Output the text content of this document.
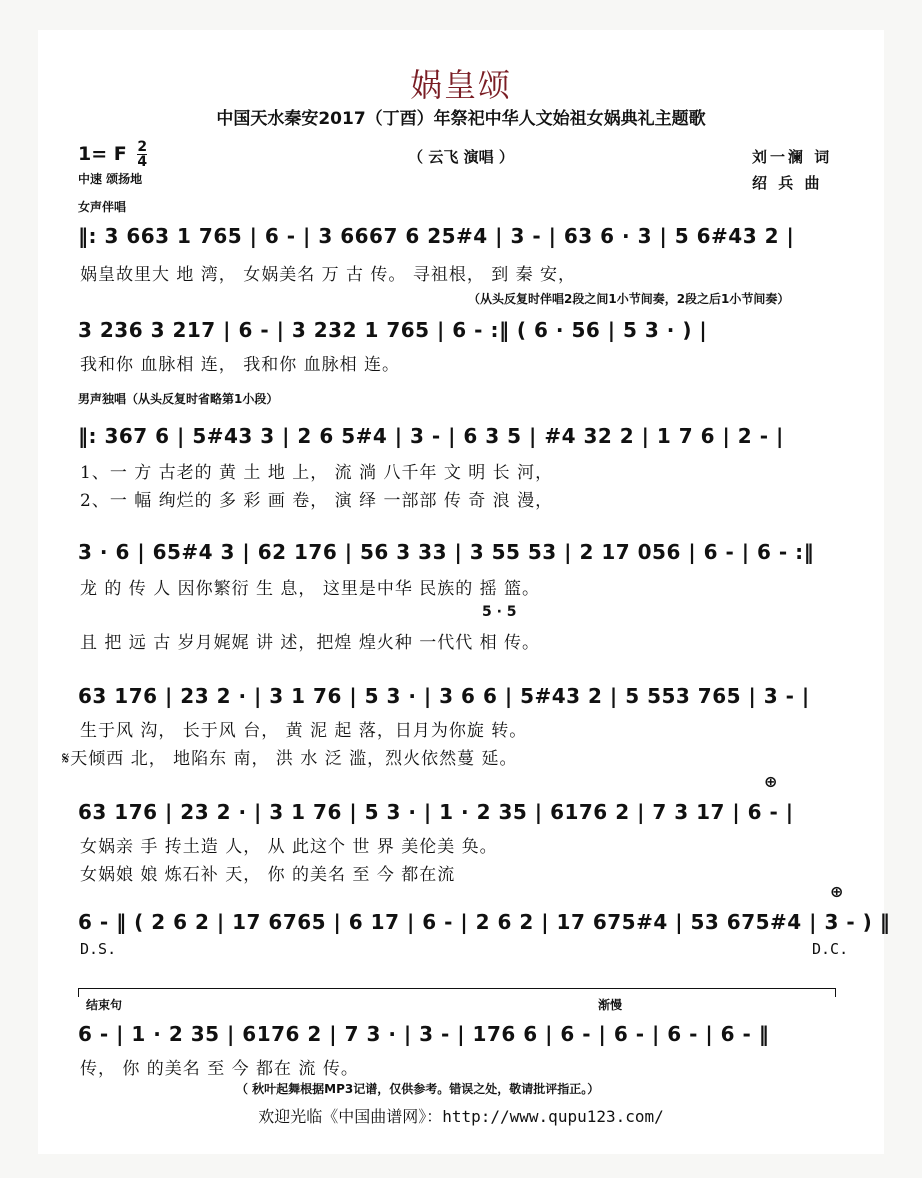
娲皇颂
中国天水秦安2017（丁酉）年祭祀中华人文始祖女娲典礼主题歌
（ 云飞 演唱 ）
1= F $\frac{2}{4}$
中速 颂扬地
刘一澜 词
绍 兵 曲
女声伴唱
（从头反复时伴唱2段之间1小节间奏，2段之后1小节间奏）
男声独唱（从头反复时省略第1小段）
结束句	渐慢
‖: 3 663 1 765 | 6 - | 3 6667 6 25#4 | 3 - | 63 6 · 3 | 5 6#43 2 |
娲皇故里大 地 湾， 女娲美名 万 古 传。 寻祖根， 到 秦 安，
3 236 3 217 | 6 - | 3 232 1 765 | 6 - :‖ ( 6 · 56 | 5 3 · ) |
我和你 血脉相 连， 我和你 血脉相 连。
‖: 367 6 | 5#43 3 | 2 6 5#4 | 3 - | 6 3 5 | #4 32 2 | 1 7 6 | 2 - |
1、一 方 古老的 黄 土 地 上， 流 淌 八千年 文 明 长 河，
2、一 幅 绚烂的 多 彩 画 卷， 演 绎 一部部 传 奇 浪 漫，
3 · 6 | 65#4 3 | 62 176 | 56 3 33 | 3 55 53 | 2 17 056 | 6 - | 6 - :‖
龙 的 传 人 因你繁衍 生 息， 这里是中华 民族的 摇 篮。
5 · 5
且 把 远 古 岁月娓娓 讲 述，把煌 煌火种 一代代 相 传。
63 176 | 23 2 · | 3 1 76 | 5 3 · | 3 6 6 | 5#43 2 | 5 553 765 | 3 - |
生于风 沟， 长于风 台， 黄 泥 起 落，日月为你旋 转。
𝄋天倾西 北， 地陷东 南， 洪 水 泛 滥，烈火依然蔓 延。
63 176 | 23 2 · | 3 1 76 | 5 3 · | 1 · 2 35 | 6176 2 | 7 3 17 | 6 - |
⊕
女娲亲 手 抟土造 人， 从 此这个 世 界 美伦美 奂。
女娲娘 娘 炼石补 天， 你 的美名 至 今 都在流
⊕
6 - ‖ ( 2 6 2 | 17 6765 | 6 17 | 6 - | 2 6 2 | 17 675#4 | 53 675#4 | 3 - ) ‖
D.S.	D.C.
6 - | 1 · 2 35 | 6176 2 | 7 3 · | 3 - | 176 6 | 6 - | 6 - | 6 - | 6 - ‖
传， 你 的美名 至 今 都在 流 传。
（ 秋叶起舞根据MP3记谱，仅供参考。错误之处，敬请批评指正。）
欢迎光临《中国曲谱网》：http://www.qupu123.com/
